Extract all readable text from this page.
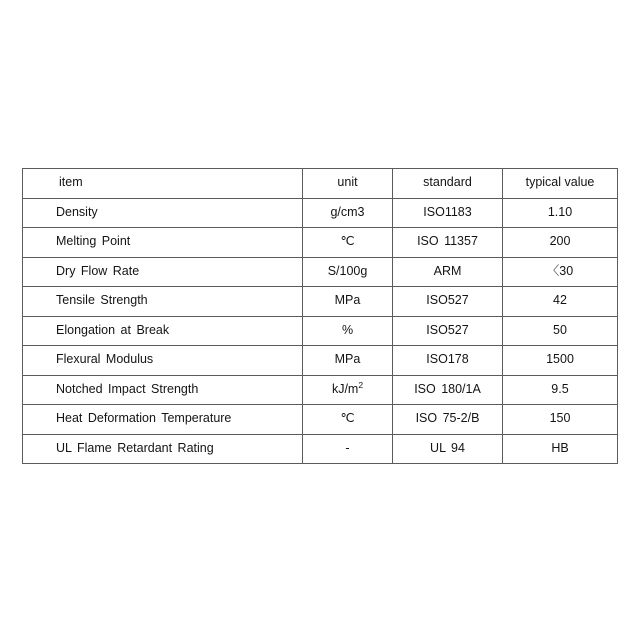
item	unit	standard	typical value
Density	g/cm3	ISO1183	1.10
Melting Point	℃	ISO 11357	200
Dry Flow Rate	S/100g	ARM	〈30
Tensile Strength	MPa	ISO527	42
Elongation at Break	%	ISO527	50
Flexural Modulus	MPa	ISO178	1500
Notched Impact Strength	$kJ/m^2$	ISO 180/1A	9.5
Heat Deformation Temperature	℃	ISO 75-2/B	150
UL Flame Retardant Rating	-	UL 94	HB
